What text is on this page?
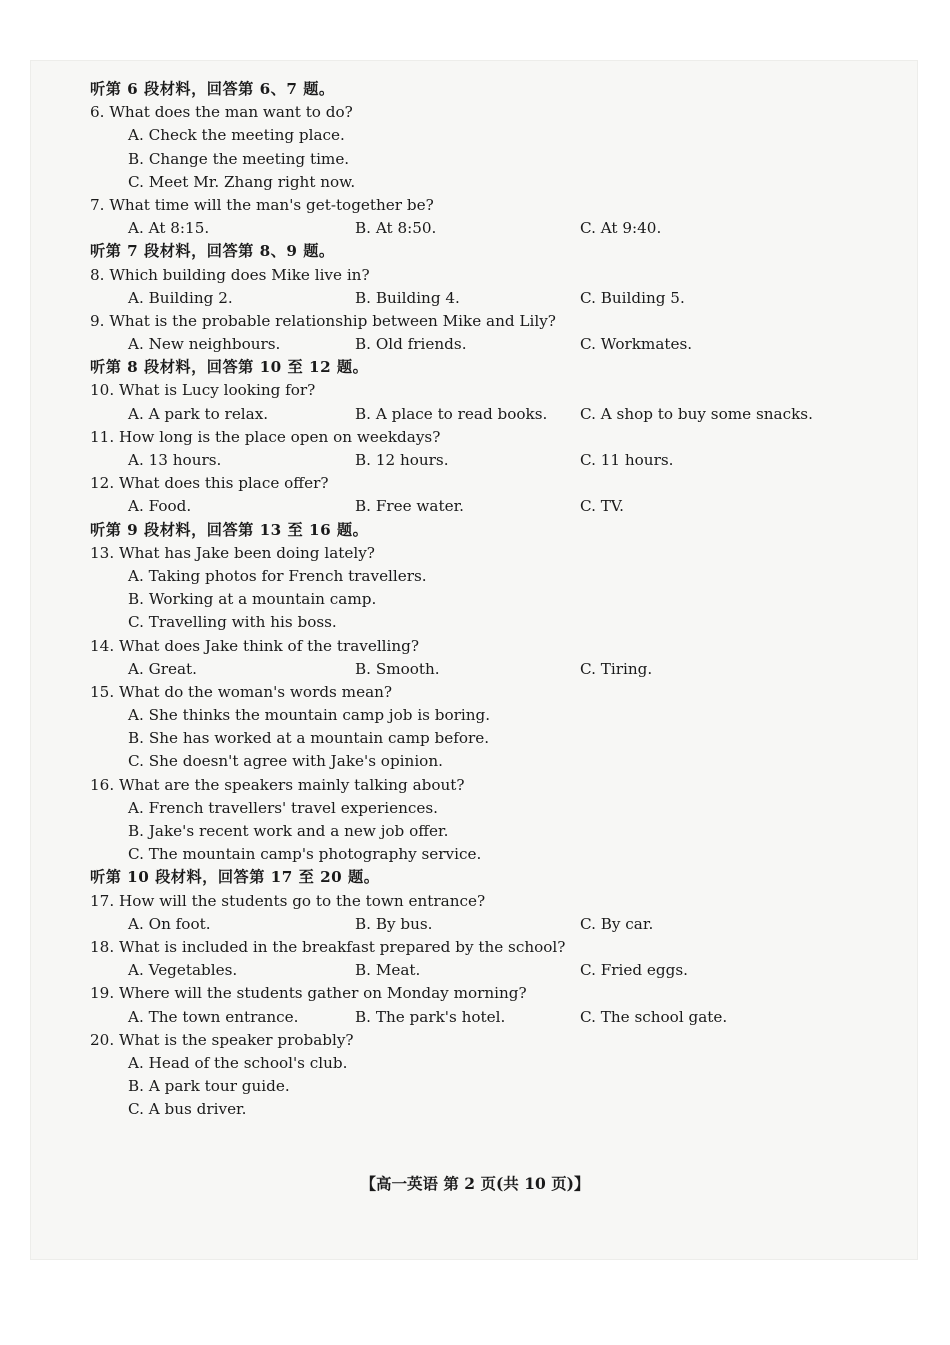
听第 6 段材料，回答第 6、7 题。
6. What does the man want to do?
A. Check the meeting place.
B. Change the meeting time.
C. Meet Mr. Zhang right now.
7. What time will the man's get-together be?
A. At 8:15.	B. At 8:50.	C. At 9:40.
听第 7 段材料，回答第 8、9 题。
8. Which building does Mike live in?
A. Building 2.	B. Building 4.	C. Building 5.
9. What is the probable relationship between Mike and Lily?
A. New neighbours.	B. Old friends.	C. Workmates.
听第 8 段材料，回答第 10 至 12 题。
10. What is Lucy looking for?
A. A park to relax.	B. A place to read books. C. A shop to buy some snacks.
11. How long is the place open on weekdays?
A. 13 hours.	B. 12 hours.	C. 11 hours.
12. What does this place offer?
A. Food.	B. Free water.	C. TV.
听第 9 段材料，回答第 13 至 16 题。
13. What has Jake been doing lately?
A. Taking photos for French travellers.
B. Working at a mountain camp.
C. Travelling with his boss.
14. What does Jake think of the travelling?
A. Great.	B. Smooth.	C. Tiring.
15. What do the woman's words mean?
A. She thinks the mountain camp job is boring.
B. She has worked at a mountain camp before.
C. She doesn't agree with Jake's opinion.
16. What are the speakers mainly talking about?
A. French travellers' travel experiences.
B. Jake's recent work and a new job offer.
C. The mountain camp's photography service.
听第 10 段材料，回答第 17 至 20 题。
17. How will the students go to the town entrance?
A. On foot.	B. By bus.	C. By car.
18. What is included in the breakfast prepared by the school?
A. Vegetables.	B. Meat.	C. Fried eggs.
19. Where will the students gather on Monday morning?
A. The town entrance.	B. The park's hotel.	C. The school gate.
20. What is the speaker probably?
A. Head of the school's club.
B. A park tour guide.
C. A bus driver.
【高一英语 第 2 页(共 10 页)】
